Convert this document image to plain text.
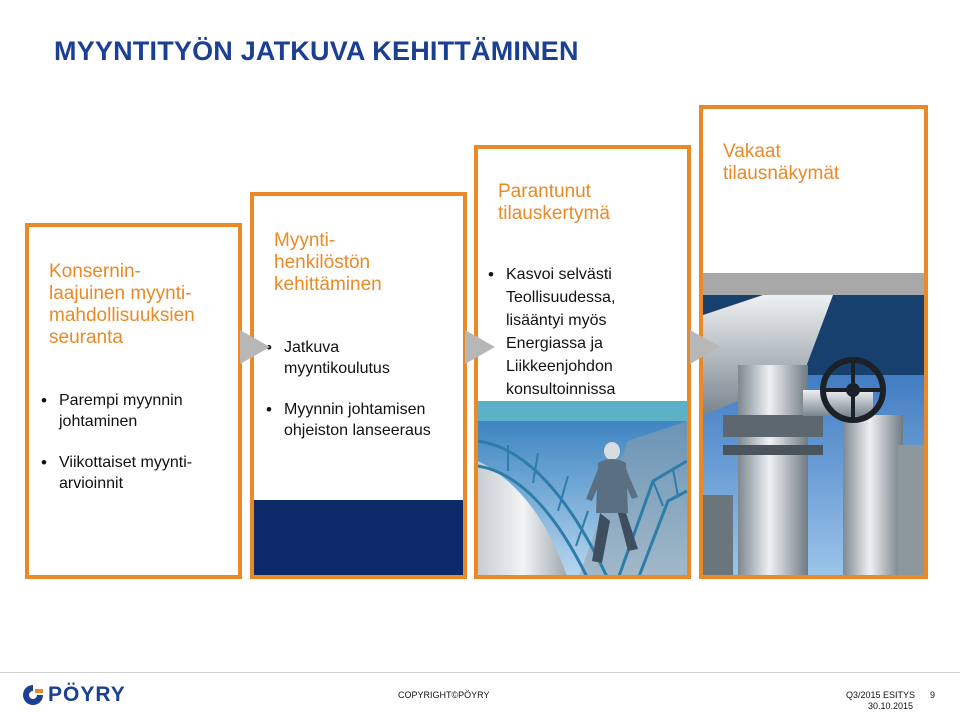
MYYNTITYÖN JATKUVA KEHITTÄMINEN
Konsernin-
laajuinen myynti-
mahdollisuuksien
seuranta
• Parempi myynnin
johtaminen
• Viikottaiset myynti-
arvioinnit
Myynti-
henkilöstön
kehittäminen
• Jatkuva
myyntikoulutus
• Myynnin johtamisen
ohjeiston lanseeraus
Parantunut
tilauskertymä
• Kasvoi selvästi
Teollisuudessa,
lisääntyi myös
Energiassa ja
Liikkeenjohdon
konsultoinnissa
Vakaat
tilausnäkymät
PÖYRY	COPYRIGHT©PÖYRY	Q3/2015 ESITYS
30.10.2015
9
